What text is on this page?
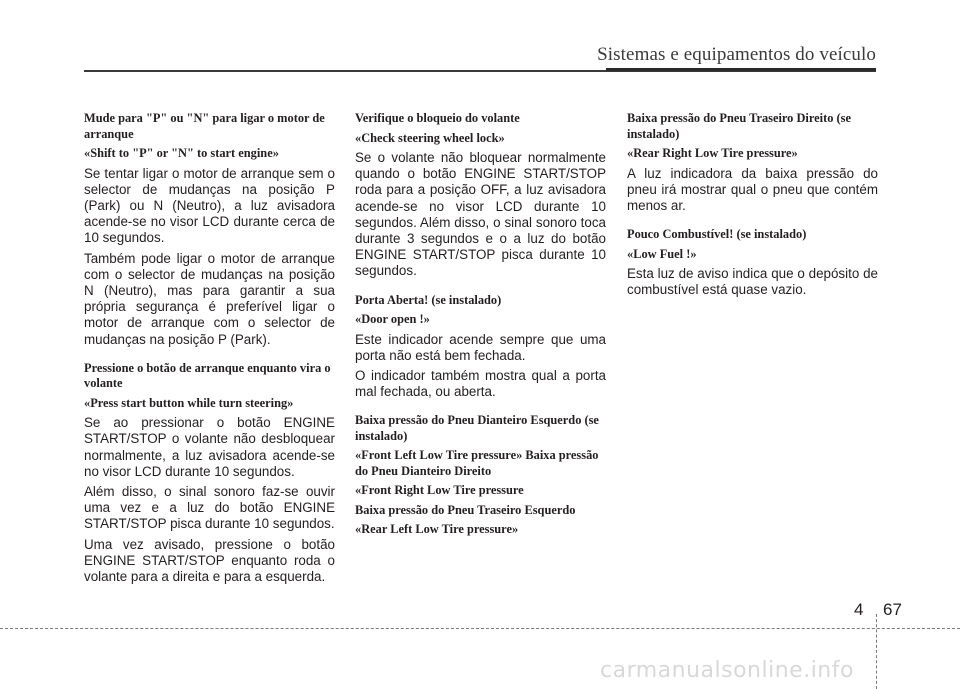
Sistemas e equipamentos do veículo
Mude para "P" ou "N" para ligar o motor de arranque
«Shift to "P" or "N" to start engine»
Se tentar ligar o motor de arranque sem o selector de mudanças na posição P (Park) ou N (Neutro), a luz avisadora acende-se no visor LCD durante cerca de 10 segundos.
Também pode ligar o motor de arranque com o selector de mudanças na posição N (Neutro), mas para garantir a sua própria segurança é preferível ligar o motor de arranque com o selector de mudanças na posição P (Park).
Pressione o botão de arranque enquanto vira o volante
«Press start button while turn steering»
Se ao pressionar o botão ENGINE START/STOP o volante não desbloquear normalmente, a luz avisadora acende-se no visor LCD durante 10 segundos.
Além disso, o sinal sonoro faz-se ouvir uma vez e a luz do botão ENGINE START/STOP pisca durante 10 segundos.
Uma vez avisado, pressione o botão ENGINE START/STOP enquanto roda o volante para a direita e para a esquerda.
Verifique o bloqueio do volante
«Check steering wheel lock»
Se o volante não bloquear normalmente quando o botão ENGINE START/STOP roda para a posição OFF, a luz avisadora acende-se no visor LCD durante 10 segundos. Além disso, o sinal sonoro toca durante 3 segundos e o a luz do botão ENGINE START/STOP pisca durante 10 segundos.
Porta Aberta! (se instalado)
«Door open !»
Este indicador acende sempre que uma porta não está bem fechada.
O indicador também mostra qual a porta mal fechada, ou aberta.
Baixa pressão do Pneu Dianteiro Esquerdo (se instalado)
«Front Left Low Tire pressure» Baixa pressão do Pneu Dianteiro Direito
«Front Right Low Tire pressure
Baixa pressão do Pneu Traseiro Esquerdo
«Rear Left Low Tire pressure»
Baixa pressão do Pneu Traseiro Direito (se instalado)
«Rear Right Low Tire pressure»
A luz indicadora da baixa pressão do pneu irá mostrar qual o pneu que contém menos ar.
Pouco Combustível! (se instalado)
«Low Fuel !»
Esta luz de aviso indica que o depósito de combustível está quase vazio.
4 67
carmanualsonline.info
